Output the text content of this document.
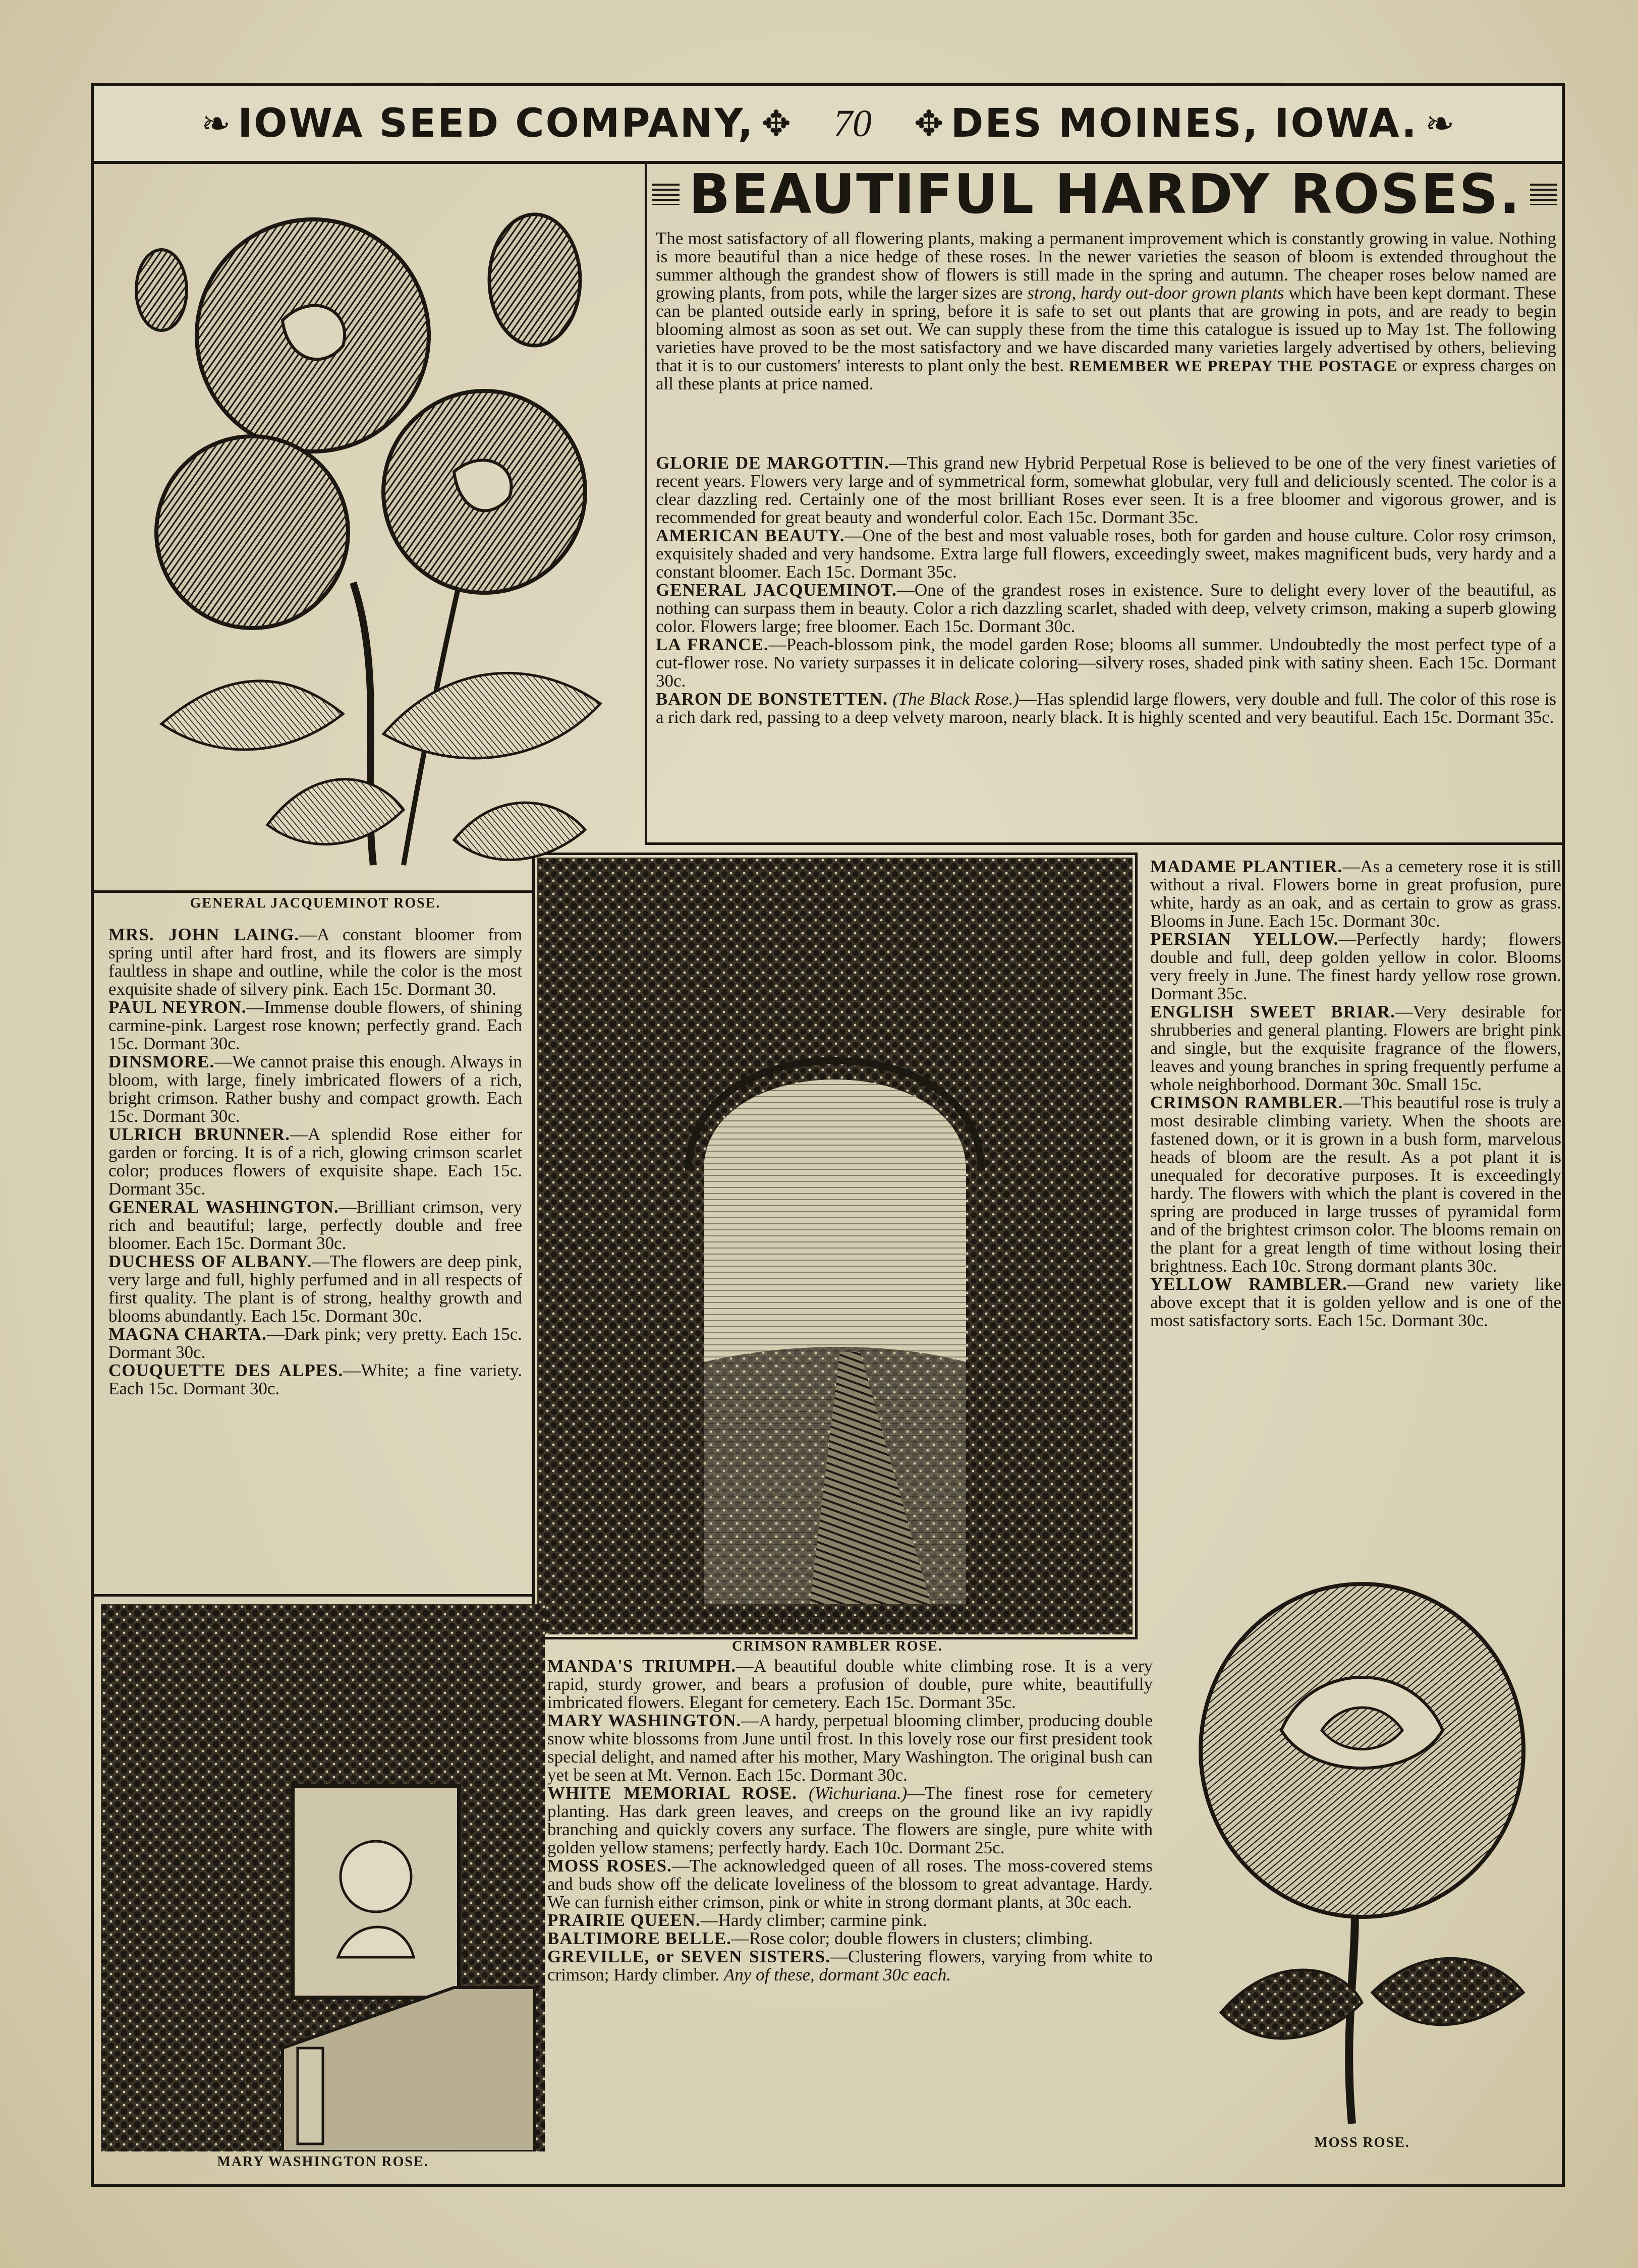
❧ IOWA SEED COMPANY, ✥ 70 ✥ DES MOINES, IOWA. ❧
BEAUTIFUL HARDY ROSES.
GENERAL JACQUEMINOT ROSE.

The most satisfactory of all flowering plants, making a permanent improvement which is constantly growing in value. Nothing is more beautiful than a nice hedge of these roses. In the newer varieties the season of bloom is extended throughout the summer although the grandest show of flowers is still made in the spring and autumn. The cheaper roses below named are growing plants, from pots, while the larger sizes are strong, hardy out-door grown plants which have been kept dormant. These can be planted outside early in spring, before it is safe to set out plants that are growing in pots, and are ready to begin blooming almost as soon as set out. We can supply these from the time this catalogue is issued up to May 1st. The following varieties have proved to be the most satisfactory and we have discarded many varieties largely advertised by others, believing that it is to our customers' interests to plant only the best. REMEMBER WE PREPAY THE POSTAGE or express charges on all these plants at price named.

GLORIE DE MARGOTTIN.—This grand new Hybrid Perpetual Rose is believed to be one of the very finest varieties of recent years. Flowers very large and of symmetrical form, somewhat globular, very full and deliciously scented. The color is a clear dazzling red. Certainly one of the most brilliant Roses ever seen. It is a free bloomer and vigorous grower, and is recommended for great beauty and wonderful color. Each 15c. Dormant 35c.

AMERICAN BEAUTY.—One of the best and most valuable roses, both for garden and house culture. Color rosy crimson, exquisitely shaded and very handsome. Extra large full flowers, exceedingly sweet, makes magnificent buds, very hardy and a constant bloomer. Each 15c. Dormant 35c.

GENERAL JACQUEMINOT.—One of the grandest roses in existence. Sure to delight every lover of the beautiful, as nothing can surpass them in beauty. Color a rich dazzling scarlet, shaded with deep, velvety crimson, making a superb glowing color. Flowers large; free bloomer. Each 15c. Dormant 30c.

LA FRANCE.—Peach-blossom pink, the model garden Rose; blooms all summer. Undoubtedly the most perfect type of a cut-flower rose. No variety surpasses it in delicate coloring—silvery roses, shaded pink with satiny sheen. Each 15c. Dormant 30c.

BARON DE BONSTETTEN. (The Black Rose.)—Has splendid large flowers, very double and full. The color of this rose is a rich dark red, passing to a deep velvety maroon, nearly black. It is highly scented and very beautiful. Each 15c. Dormant 35c.

MRS. JOHN LAING.—A constant bloomer from spring until after hard frost, and its flowers are simply faultless in shape and outline, while the color is the most exquisite shade of silvery pink. Each 15c. Dormant 30.

PAUL NEYRON.—Immense double flowers, of shining carmine-pink. Largest rose known; perfectly grand. Each 15c. Dormant 30c.

DINSMORE.—We cannot praise this enough. Always in bloom, with large, finely imbricated flowers of a rich, bright crimson. Rather bushy and compact growth. Each 15c. Dormant 30c.

ULRICH BRUNNER.—A splendid Rose either for garden or forcing. It is of a rich, glowing crimson scarlet color; produces flowers of exquisite shape. Each 15c. Dormant 35c.

GENERAL WASHINGTON.—Brilliant crimson, very rich and beautiful; large, perfectly double and free bloomer. Each 15c. Dormant 30c.

DUCHESS OF ALBANY.—The flowers are deep pink, very large and full, highly perfumed and in all respects of first quality. The plant is of strong, healthy growth and blooms abundantly. Each 15c. Dormant 30c.

MAGNA CHARTA.—Dark pink; very pretty. Each 15c. Dormant 30c.

COUQUETTE DES ALPES.—White; a fine variety. Each 15c. Dormant 30c.

COPYRIGHTED 1895 BY A.BLANC
CRIMSON RAMBLER ROSE.

MADAME PLANTIER.—As a cemetery rose it is still without a rival. Flowers borne in great profusion, pure white, hardy as an oak, and as certain to grow as grass. Blooms in June. Each 15c. Dormant 30c.

PERSIAN YELLOW.—Perfectly hardy; flowers double and full, deep golden yellow in color. Blooms very freely in June. The finest hardy yellow rose grown. Dormant 35c.

ENGLISH SWEET BRIAR.—Very desirable for shrubberies and general planting. Flowers are bright pink and single, but the exquisite fragrance of the flowers, leaves and young branches in spring frequently perfume a whole neighborhood. Dormant 30c. Small 15c.

CRIMSON RAMBLER.—This beautiful rose is truly a most desirable climbing variety. When the shoots are fastened down, or it is grown in a bush form, marvelous heads of bloom are the result. As a pot plant it is unequaled for decorative purposes. It is exceedingly hardy. The flowers with which the plant is covered in the spring are produced in large trusses of pyramidal form and of the brightest crimson color. The blooms remain on the plant for a great length of time without losing their brightness. Each 10c. Strong dormant plants 30c.

YELLOW RAMBLER.—Grand new variety like above except that it is golden yellow and is one of the most satisfactory sorts. Each 15c. Dormant 30c.

MARY WASHINGTON ROSE.

MANDA'S TRIUMPH.—A beautiful double white climbing rose. It is a very rapid, sturdy grower, and bears a profusion of double, pure white, beautifully imbricated flowers. Elegant for cemetery. Each 15c. Dormant 35c.

MARY WASHINGTON.—A hardy, perpetual blooming climber, producing double snow white blossoms from June until frost. In this lovely rose our first president took special delight, and named after his mother, Mary Washington. The original bush can yet be seen at Mt. Vernon. Each 15c. Dormant 30c.

WHITE MEMORIAL ROSE. (Wichuriana.)—The finest rose for cemetery planting. Has dark green leaves, and creeps on the ground like an ivy rapidly branching and quickly covers any surface. The flowers are single, pure white with golden yellow stamens; perfectly hardy. Each 10c. Dormant 25c.

MOSS ROSES.—The acknowledged queen of all roses. The moss-covered stems and buds show off the delicate loveliness of the blossom to great advantage. Hardy. We can furnish either crimson, pink or white in strong dormant plants, at 30c each.

PRAIRIE QUEEN.—Hardy climber; carmine pink.

BALTIMORE BELLE.—Rose color; double flowers in clusters; climbing.

GREVILLE, or SEVEN SISTERS.—Clustering flowers, varying from white to crimson; Hardy climber. Any of these, dormant 30c each.

MOSS ROSE.
